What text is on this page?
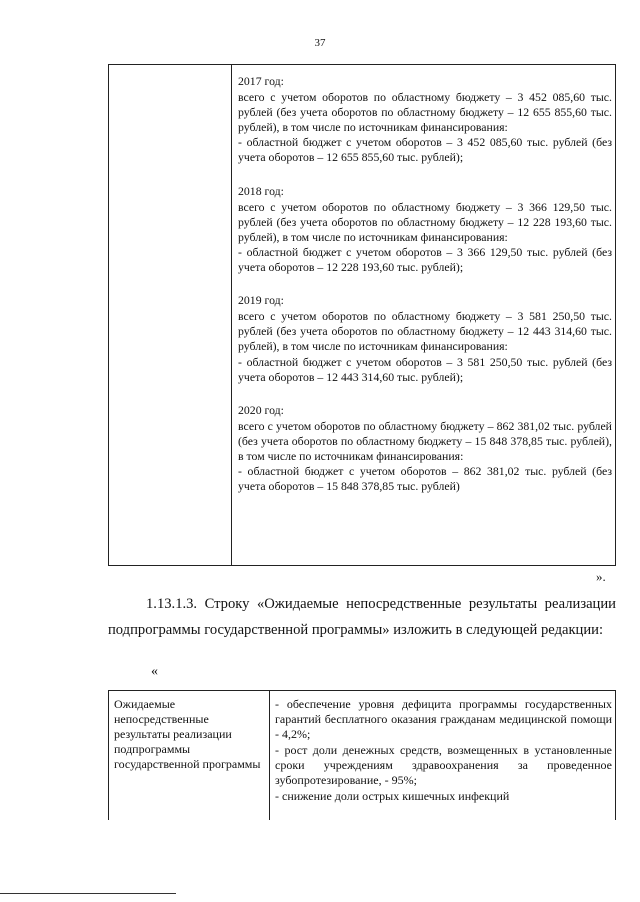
37

2017 год:

всего с учетом оборотов по областному бюджету – 3 452 085,60 тыс. рублей (без учета оборотов по областному бюджету – 12 655 855,60 тыс. рублей), в том числе по источникам финансирования:

- областной бюджет с учетом оборотов – 3 452 085,60 тыс. рублей (без учета оборотов – 12 655 855,60 тыс. рублей);

2018 год:

всего с учетом оборотов по областному бюджету – 3 366 129,50 тыс. рублей (без учета оборотов по областному бюджету – 12 228 193,60 тыс. рублей), в том числе по источникам финансирования:

- областной бюджет с учетом оборотов – 3 366 129,50 тыс. рублей (без учета оборотов – 12 228 193,60 тыс. рублей);

2019 год:

всего с учетом оборотов по областному бюджету – 3 581 250,50 тыс. рублей (без учета оборотов по областному бюджету – 12 443 314,60 тыс. рублей), в том числе по источникам финансирования:

- областной бюджет с учетом оборотов – 3 581 250,50 тыс. рублей (без учета оборотов – 12 443 314,60 тыс. рублей);

2020 год:

всего с учетом оборотов по областному бюджету – 862 381,02 тыс. рублей (без учета оборотов по областному бюджету – 15 848 378,85 тыс. рублей), в том числе по источникам финансирования:

- областной бюджет с учетом оборотов – 862 381,02 тыс. рублей (без учета оборотов – 15 848 378,85 тыс. рублей)

».

1.13.1.3. Строку «Ожидаемые непосредственные результаты реализации подпрограммы государственной программы» изложить в следующей редакции:

«
Ожидаемые непосредственные результаты реализации подпрограммы государственной программы

- обеспечение уровня дефицита программы государственных гарантий бесплатного оказания гражданам медицинской помощи - 4,2%;

- рост доли денежных средств, возмещенных в установленные сроки учреждениям здравоохранения за проведенное зубопротезирование, - 95%;

- снижение доли острых кишечных инфекций
